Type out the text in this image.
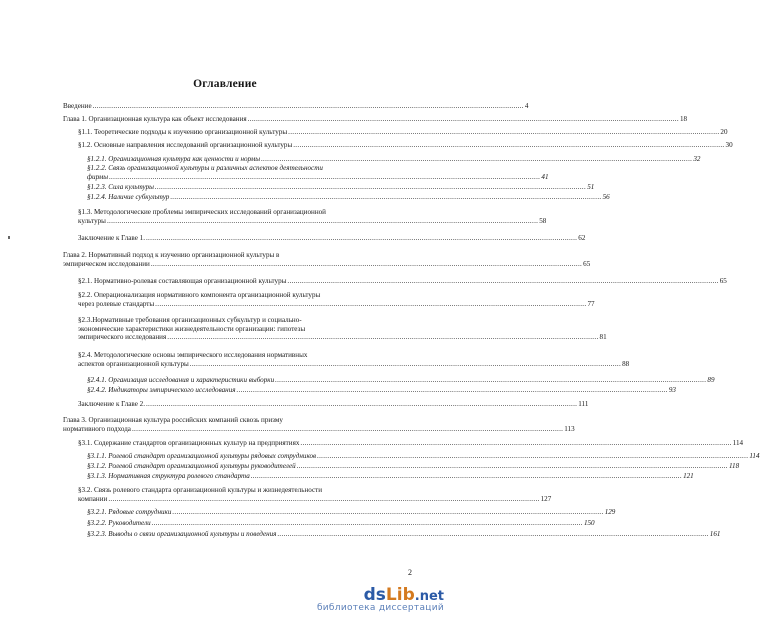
Оглавление
Введение .....	4
Глава 1. Организационная культура как объект исследования .....	18
§1.1. Теоретические подходы к изучению организационной культуры .....	20
§1.2. Основные направления исследований организационной культуры .....	30
§1.2.1. Организационная культура как ценности и нормы .....	32
§1.2.2. Связь организационной культуры и различных аспектов деятельности
фирмы .....	41
§1.2.3. Сила культуры .....	51
§1.2.4. Наличие субкультур .....	56
§1.3. Методологические проблемы эмпирических исследований организационной
культуры .....	58
Заключение к Главе 1. .....	62
Глава 2. Нормативный подход к изучению организационной культуры в
эмпирическом исследовании .....	65
§2.1. Нормативно-ролевая составляющая организационной культуры .....	65
§2.2. Операционализация нормативного компонента организационной культуры
через ролевые стандарты .....	77
§2.3.Нормативные требования организационных субкультур и социально-
экономические характеристики жизнедеятельности организации: гипотезы
эмпирического исследования .....	81
§2.4. Методологические основы эмпирического исследования нормативных
аспектов организационной культуры .....	88
§2.4.1. Организация исследования и характеристики выборки .....	89
§2.4.2. Индикаторы эмпирического исследования .....	93
Заключение к Главе 2. .....	111
Глава 3. Организационная культура российских компаний сквозь призму
нормативного подхода .....	113
§3.1. Содержание стандартов организационных культур на предприятиях .....	114
§3.1.1. Ролевой стандарт организационной культуры рядовых сотрудников .....	114
§3.1.2. Ролевой стандарт организационной культуры руководителей .....	118
§3.1.3. Нормативная структура ролевого стандарта .....	121
§3.2. Связь ролевого стандарта организационной культуры и жизнедеятельности
компании .....	127
§3.2.1. Рядовые сотрудники .....	129
§3.2.2. Руководители .....	150
§3.2.3. Выводы о связи организационной культуры и поведения .....	161
2
dsLib.net
библиотека диссертаций
